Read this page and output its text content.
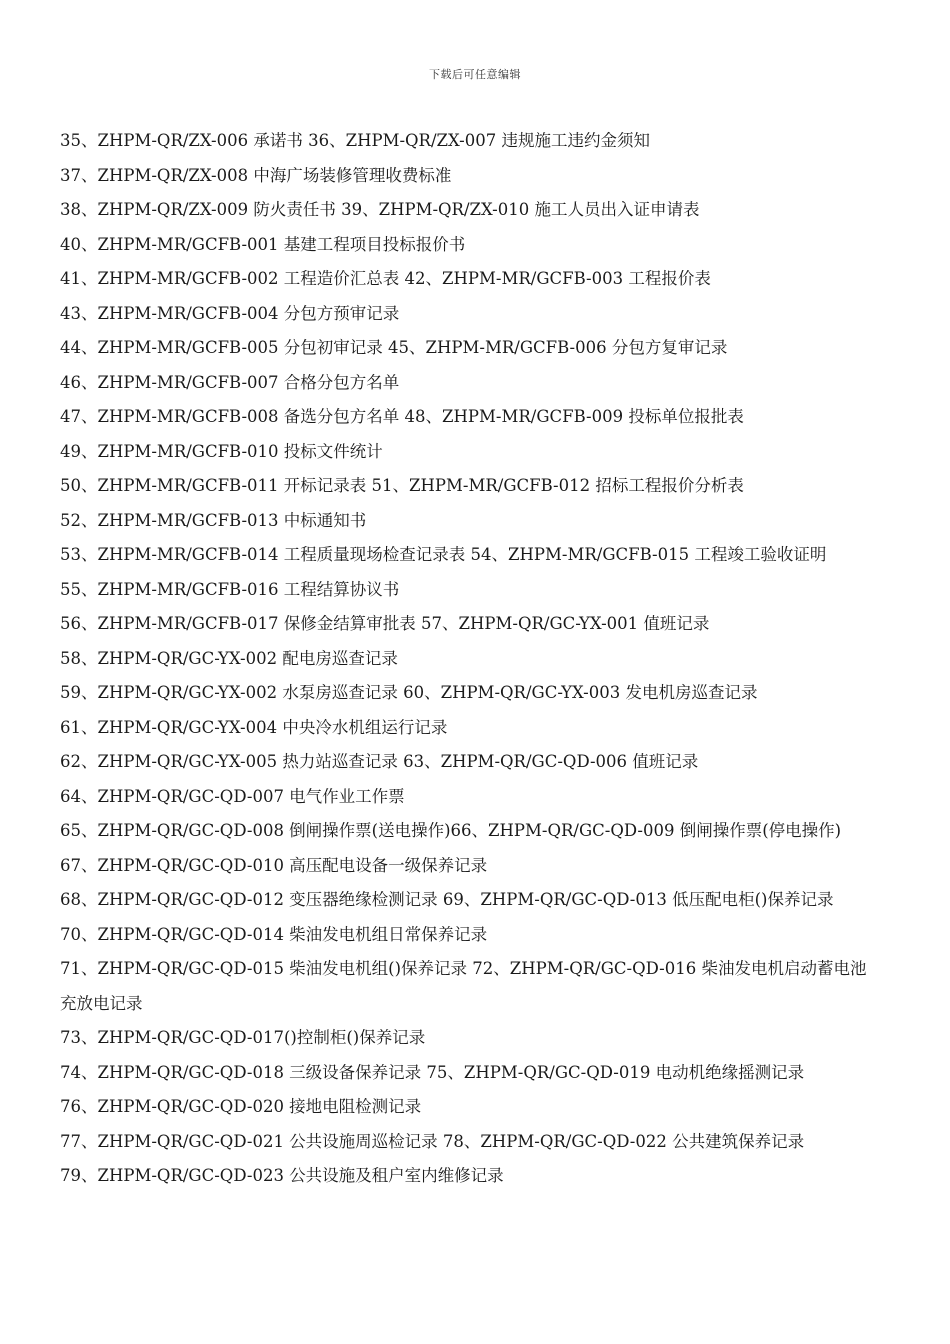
下载后可任意编辑
35、ZHPM-QR/ZX-006 承诺书 36、ZHPM-QR/ZX-007 违规施工违约金须知
37、ZHPM-QR/ZX-008 中海广场装修管理收费标准
38、ZHPM-QR/ZX-009 防火责任书 39、ZHPM-QR/ZX-010 施工人员出入证申请表
40、ZHPM-MR/GCFB-001 基建工程项目投标报价书
41、ZHPM-MR/GCFB-002 工程造价汇总表 42、ZHPM-MR/GCFB-003 工程报价表
43、ZHPM-MR/GCFB-004 分包方预审记录
44、ZHPM-MR/GCFB-005 分包初审记录 45、ZHPM-MR/GCFB-006 分包方复审记录
46、ZHPM-MR/GCFB-007 合格分包方名单
47、ZHPM-MR/GCFB-008 备选分包方名单 48、ZHPM-MR/GCFB-009 投标单位报批表
49、ZHPM-MR/GCFB-010 投标文件统计
50、ZHPM-MR/GCFB-011 开标记录表 51、ZHPM-MR/GCFB-012 招标工程报价分析表
52、ZHPM-MR/GCFB-013 中标通知书
53、ZHPM-MR/GCFB-014 工程质量现场检查记录表 54、ZHPM-MR/GCFB-015 工程竣工验收证明
55、ZHPM-MR/GCFB-016 工程结算协议书
56、ZHPM-MR/GCFB-017 保修金结算审批表 57、ZHPM-QR/GC-YX-001 值班记录
58、ZHPM-QR/GC-YX-002 配电房巡查记录
59、ZHPM-QR/GC-YX-002 水泵房巡查记录 60、ZHPM-QR/GC-YX-003 发电机房巡查记录
61、ZHPM-QR/GC-YX-004 中央冷水机组运行记录
62、ZHPM-QR/GC-YX-005 热力站巡查记录 63、ZHPM-QR/GC-QD-006 值班记录
64、ZHPM-QR/GC-QD-007 电气作业工作票
65、ZHPM-QR/GC-QD-008 倒闸操作票(送电操作)66、ZHPM-QR/GC-QD-009 倒闸操作票(停电操作)
67、ZHPM-QR/GC-QD-010 高压配电设备一级保养记录
68、ZHPM-QR/GC-QD-012 变压器绝缘检测记录 69、ZHPM-QR/GC-QD-013 低压配电柜()保养记录
70、ZHPM-QR/GC-QD-014 柴油发电机组日常保养记录
71、ZHPM-QR/GC-QD-015 柴油发电机组()保养记录 72、ZHPM-QR/GC-QD-016 柴油发电机启动蓄电池
充放电记录
73、ZHPM-QR/GC-QD-017()控制柜()保养记录
74、ZHPM-QR/GC-QD-018 三级设备保养记录 75、ZHPM-QR/GC-QD-019 电动机绝缘摇测记录
76、ZHPM-QR/GC-QD-020 接地电阻检测记录
77、ZHPM-QR/GC-QD-021 公共设施周巡检记录 78、ZHPM-QR/GC-QD-022 公共建筑保养记录
79、ZHPM-QR/GC-QD-023 公共设施及租户室内维修记录
